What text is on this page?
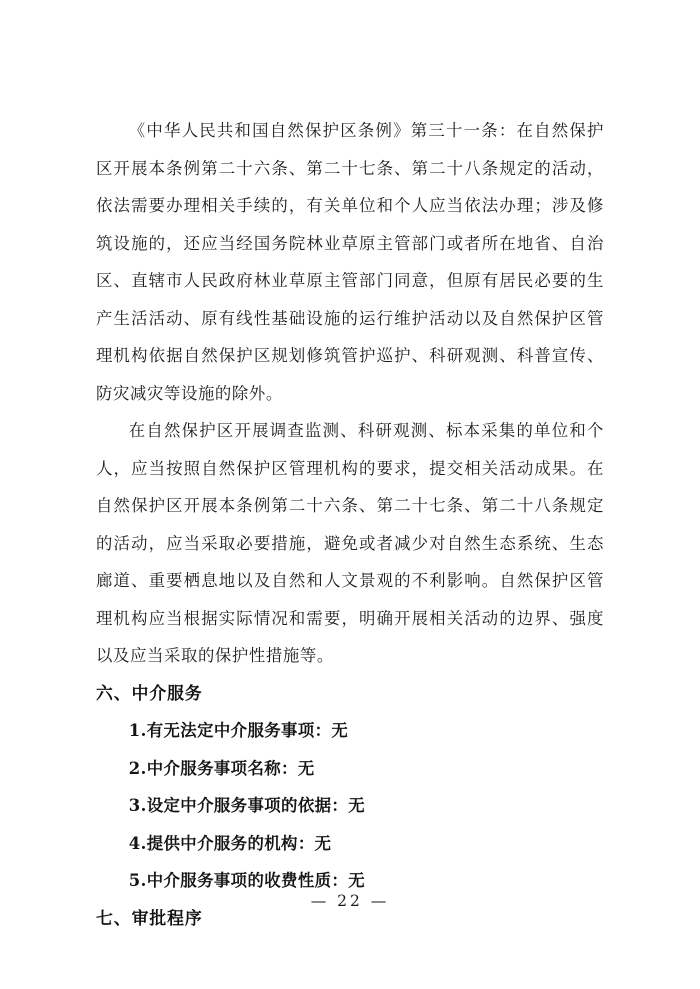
《中华人民共和国自然保护区条例》第三十一条：在自然保护区开展本条例第二十六条、第二十七条、第二十八条规定的活动，依法需要办理相关手续的，有关单位和个人应当依法办理；涉及修筑设施的，还应当经国务院林业草原主管部门或者所在地省、自治区、直辖市人民政府林业草原主管部门同意，但原有居民必要的生产生活活动、原有线性基础设施的运行维护活动以及自然保护区管理机构依据自然保护区规划修筑管护巡护、科研观测、科普宣传、防灾减灾等设施的除外。

在自然保护区开展调查监测、科研观测、标本采集的单位和个人，应当按照自然保护区管理机构的要求，提交相关活动成果。在自然保护区开展本条例第二十六条、第二十七条、第二十八条规定的活动，应当采取必要措施，避免或者减少对自然生态系统、生态廊道、重要栖息地以及自然和人文景观的不利影响。自然保护区管理机构应当根据实际情况和需要，明确开展相关活动的边界、强度以及应当采取的保护性措施等。

六、中介服务

1.有无法定中介服务事项：无

2.中介服务事项名称：无

3.设定中介服务事项的依据：无

4.提供中介服务的机构：无

5.中介服务事项的收费性质：无

七、审批程序
— 22 —
